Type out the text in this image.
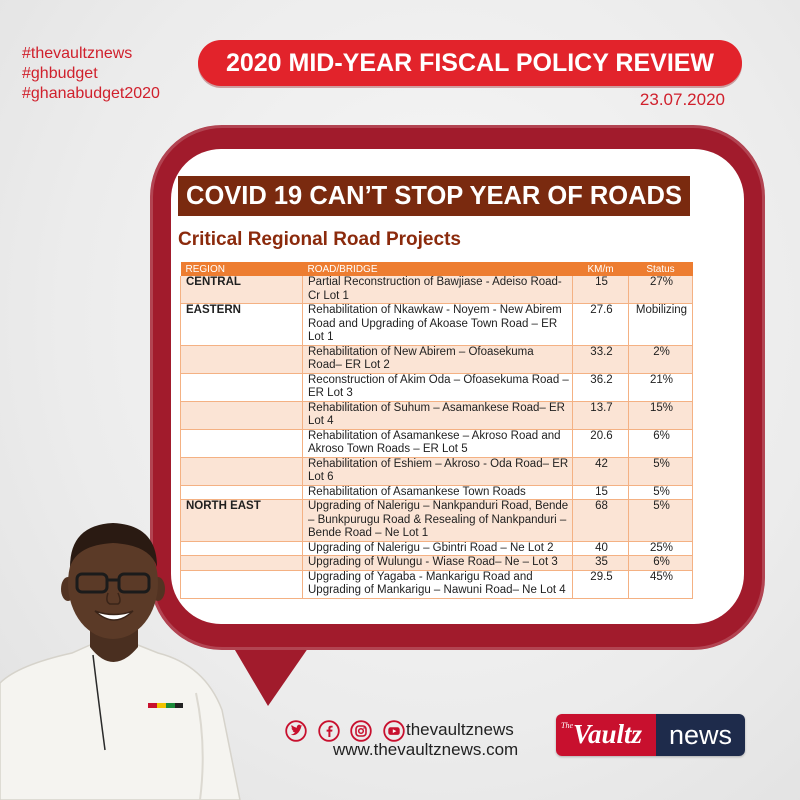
#thevaultznews
#ghbudget
#ghanabudget2020
2020 MID-YEAR FISCAL POLICY REVIEW
23.07.2020
COVID 19 CAN’T STOP YEAR OF ROADS
Critical Regional Road Projects
REGION	ROAD/BRIDGE	KM/m	Status
CENTRAL	Partial Reconstruction of Bawjiase - Adeiso Road-Cr Lot 1	15	27%
EASTERN	Rehabilitation of Nkawkaw - Noyem - New Abirem Road and Upgrading of Akoase Town Road – ER Lot 1	27.6	Mobilizing
	Rehabilitation of New Abirem – Ofoasekuma Road– ER Lot 2	33.2	2%
	Reconstruction of Akim Oda – Ofoasekuma Road – ER Lot 3	36.2	21%
	Rehabilitation of Suhum – Asamankese Road– ER Lot 4	13.7	15%
	Rehabilitation of Asamankese – Akroso Road and Akroso Town Roads – ER Lot 5	20.6	6%
	Rehabilitation of Eshiem – Akroso - Oda Road– ER Lot 6	42	5%
	Rehabilitation of Asamankese Town Roads	15	5%
NORTH EAST	Upgrading of Nalerigu – Nankpanduri Road, Bende – Bunkpurugu Road & Resealing of Nankpanduri – Bende Road – Ne Lot 1	68	5%
	Upgrading of Nalerigu – Gbintri Road – Ne Lot 2	40	25%
	Upgrading of Wulungu - Wiase Road– Ne – Lot 3	35	6%
	Upgrading of Yagaba - Mankarigu Road and Upgrading of Mankarigu – Nawuni Road– Ne Lot 4	29.5	45%
thevaultznews
www.thevaultznews.com
The Vaultz news
